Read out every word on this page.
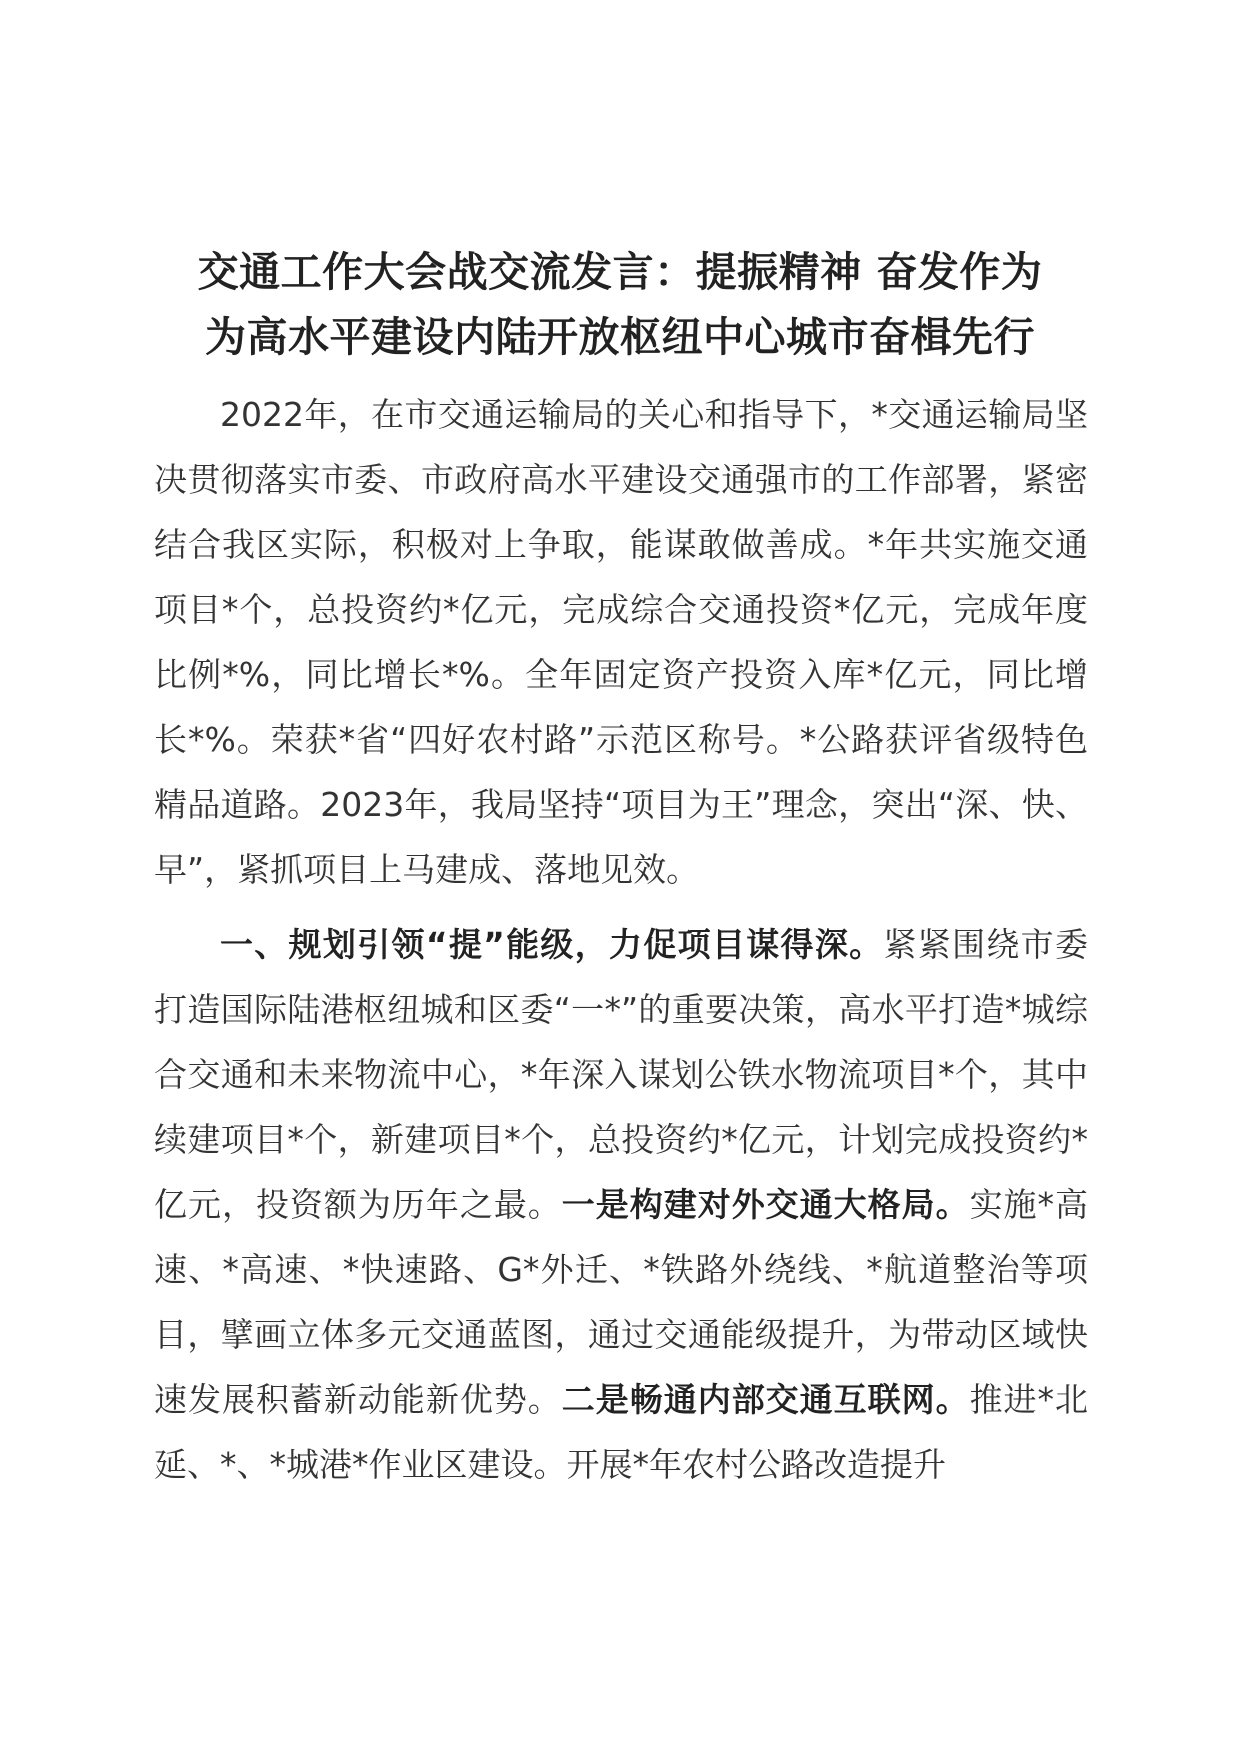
交通工作大会战交流发言：提振精神 奋发作为
为高水平建设内陆开放枢纽中心城市奋楫先行

2022年，在市交通运输局的关心和指导下，*交通运输局坚决贯彻落实市委、市政府高水平建设交通强市的工作部署，紧密结合我区实际，积极对上争取，能谋敢做善成。*年共实施交通项目*个，总投资约*亿元，完成综合交通投资*亿元，完成年度比例*%，同比增长*%。全年固定资产投资入库*亿元，同比增长*%。荣获*省“四好农村路”示范区称号。*公路获评省级特色精品道路。2023年，我局坚持“项目为王”理念，突出“深、快、早”，紧抓项目上马建成、落地见效。

一、规划引领“提”能级，力促项目谋得深。紧紧围绕市委打造国际陆港枢纽城和区委“一*”的重要决策，高水平打造*城综合交通和未来物流中心，*年深入谋划公铁水物流项目*个，其中续建项目*个，新建项目*个，总投资约*亿元，计划完成投资约*亿元，投资额为历年之最。一是构建对外交通大格局。实施*高速、*高速、*快速路、G*外迁、*铁路外绕线、*航道整治等项目，擘画立体多元交通蓝图，通过交通能级提升，为带动区域快速发展积蓄新动能新优势。二是畅通内部交通互联网。推进*北延、*、*城港*作业区建设。开展*年农村公路改造提升
